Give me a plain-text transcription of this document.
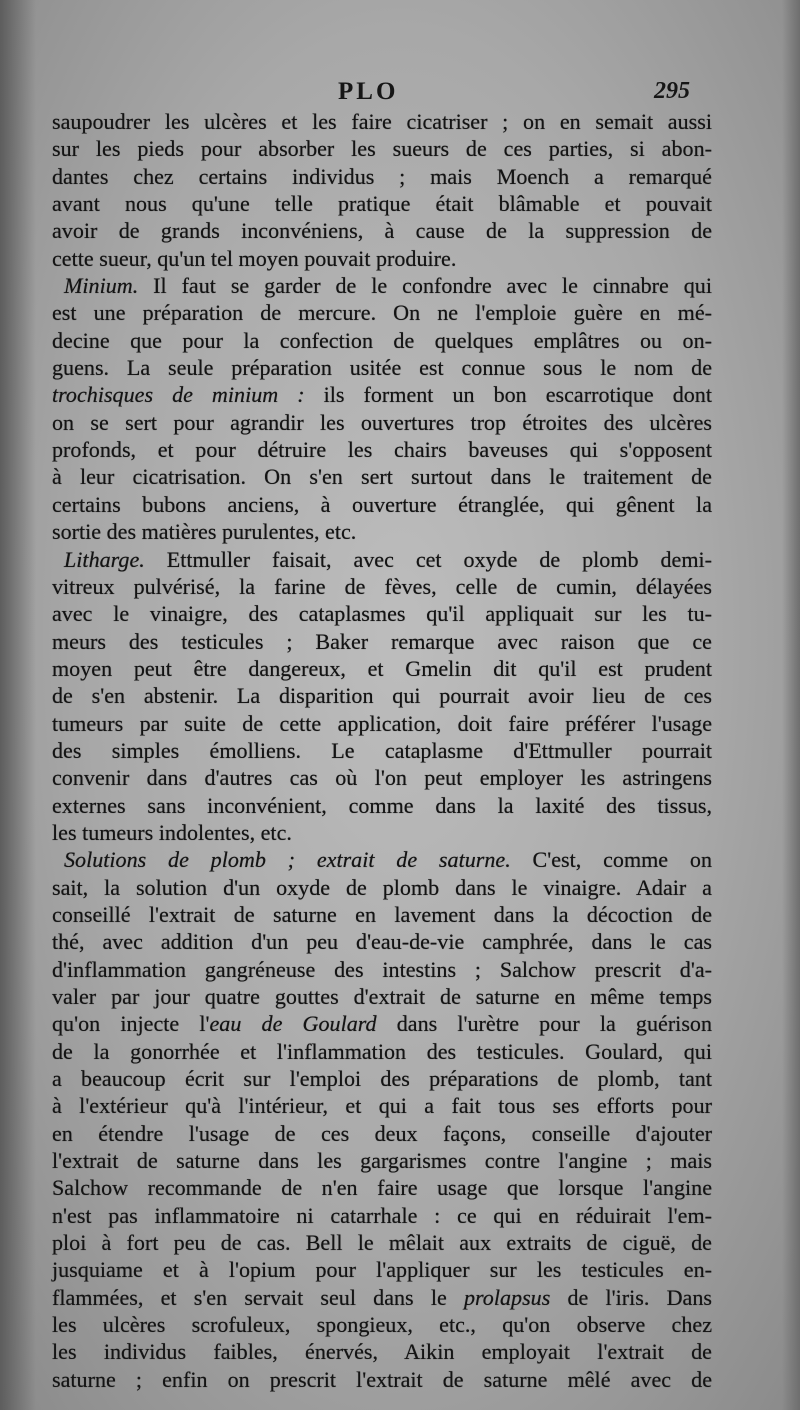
PLO	295
saupoudrer les ulcères et les faire cicatriser ; on en semait aussi
sur les pieds pour absorber les sueurs de ces parties, si abon-
dantes chez certains individus ; mais Moench a remarqué
avant nous qu'une telle pratique était blâmable et pouvait
avoir de grands inconvéniens, à cause de la suppression de
cette sueur, qu'un tel moyen pouvait produire.
Minium. Il faut se garder de le confondre avec le cinnabre qui
est une préparation de mercure. On ne l'emploie guère en mé-
decine que pour la confection de quelques emplâtres ou on-
guens. La seule préparation usitée est connue sous le nom de
trochisques de minium : ils forment un bon escarrotique dont
on se sert pour agrandir les ouvertures trop étroites des ulcères
profonds, et pour détruire les chairs baveuses qui s'opposent
à leur cicatrisation. On s'en sert surtout dans le traitement de
certains bubons anciens, à ouverture étranglée, qui gênent la
sortie des matières purulentes, etc.
Litharge. Ettmuller faisait, avec cet oxyde de plomb demi-
vitreux pulvérisé, la farine de fèves, celle de cumin, délayées
avec le vinaigre, des cataplasmes qu'il appliquait sur les tu-
meurs des testicules ; Baker remarque avec raison que ce
moyen peut être dangereux, et Gmelin dit qu'il est prudent
de s'en abstenir. La disparition qui pourrait avoir lieu de ces
tumeurs par suite de cette application, doit faire préférer l'usage
des simples émolliens. Le cataplasme d'Ettmuller pourrait
convenir dans d'autres cas où l'on peut employer les astringens
externes sans inconvénient, comme dans la laxité des tissus,
les tumeurs indolentes, etc.
Solutions de plomb ; extrait de saturne. C'est, comme on
sait, la solution d'un oxyde de plomb dans le vinaigre. Adair a
conseillé l'extrait de saturne en lavement dans la décoction de
thé, avec addition d'un peu d'eau-de-vie camphrée, dans le cas
d'inflammation gangréneuse des intestins ; Salchow prescrit d'a-
valer par jour quatre gouttes d'extrait de saturne en même temps
qu'on injecte l'eau de Goulard dans l'urètre pour la guérison
de la gonorrhée et l'inflammation des testicules. Goulard, qui
a beaucoup écrit sur l'emploi des préparations de plomb, tant
à l'extérieur qu'à l'intérieur, et qui a fait tous ses efforts pour
en étendre l'usage de ces deux façons, conseille d'ajouter
l'extrait de saturne dans les gargarismes contre l'angine ; mais
Salchow recommande de n'en faire usage que lorsque l'angine
n'est pas inflammatoire ni catarrhale : ce qui en réduirait l'em-
ploi à fort peu de cas. Bell le mêlait aux extraits de ciguë, de
jusquiame et à l'opium pour l'appliquer sur les testicules en-
flammées, et s'en servait seul dans le prolapsus de l'iris. Dans
les ulcères scrofuleux, spongieux, etc., qu'on observe chez
les individus faibles, énervés, Aikin employait l'extrait de
saturne ; enfin on prescrit l'extrait de saturne mêlé avec de
